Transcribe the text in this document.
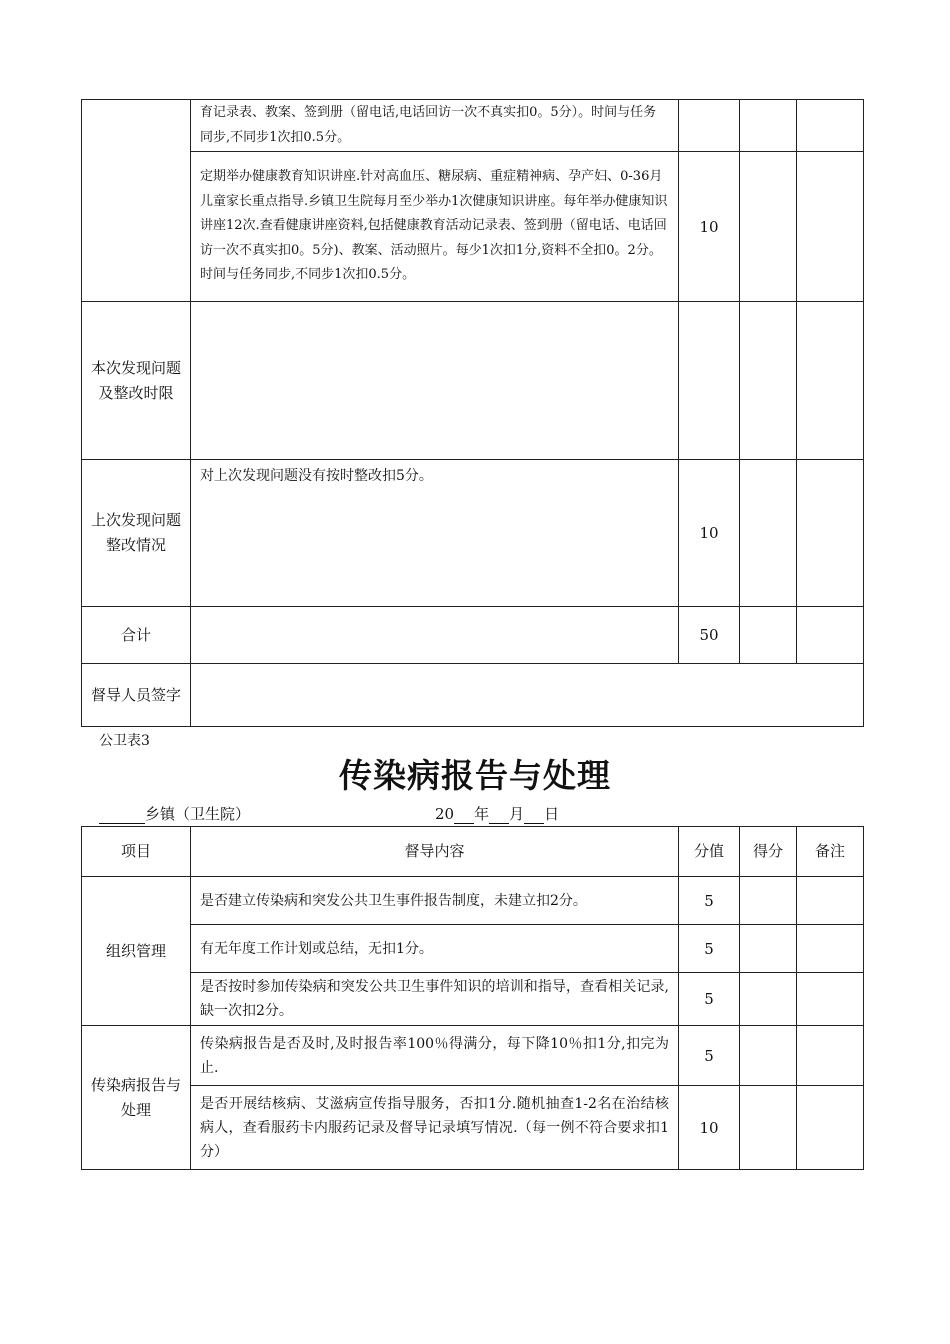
	育记录表、教案、签到册（留电话,电话回访一次不真实扣0。5分）。时间与任务同步,不同步1次扣0.5分。			
	定期举办健康教育知识讲座.针对高血压、糖尿病、重症精神病、孕产妇、0-36月儿童家长重点指导.乡镇卫生院每月至少举办1次健康知识讲座。每年举办健康知识讲座12次.查看健康讲座资料,包括健康教育活动记录表、签到册（留电话、电话回访一次不真实扣0。5分)、教案、活动照片。每少1次扣1分,资料不全扣0。2分。时间与任务同步,不同步1次扣0.5分。	10		
本次发现问题及整改时限				
上次发现问题整改情况	对上次发现问题没有按时整改扣5分。	10		
合计		50		
督导人员签字				
公卫表3
传染病报告与处理
乡镇（卫生院）	20 年 月 日
项目	督导内容	分值	得分	备注
组织管理	是否建立传染病和突发公共卫生事件报告制度，未建立扣2分。	5		
	有无年度工作计划或总结，无扣1分。	5		
	是否按时参加传染病和突发公共卫生事件知识的培训和指导，查看相关记录,缺一次扣2分。	5		
传染病报告与处理	传染病报告是否及时,及时报告率100％得满分，每下降10％扣1分,扣完为止.	5		
	是否开展结核病、艾滋病宣传指导服务，否扣1分.随机抽查1-2名在治结核病人，查看服药卡内服药记录及督导记录填写情况.（每一例不符合要求扣1分）	10		
